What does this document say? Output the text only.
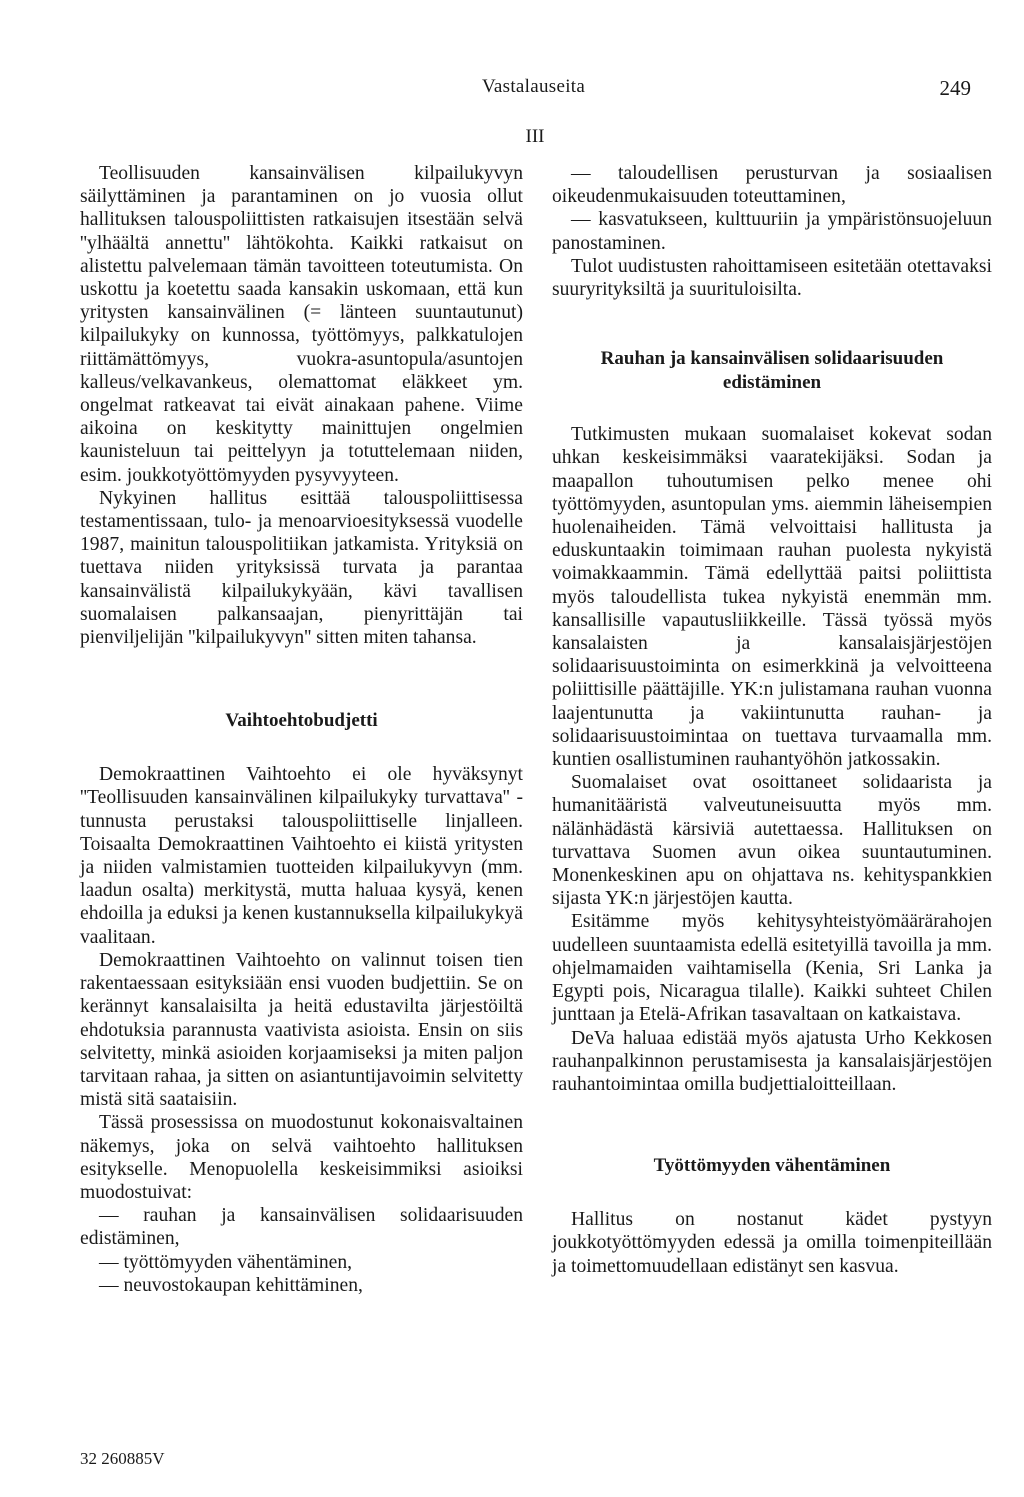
Vastalauseita	249
III

Teollisuuden kansainvälisen kilpailukyvyn säilyttäminen ja parantaminen on jo vuosia ollut hallituksen talouspoliittisten ratkaisujen itsestään selvä ''ylhäältä annettu'' lähtökohta. Kaikki ratkaisut on alistettu palvelemaan tämän tavoitteen toteutumista. On uskottu ja koetettu saada kansakin uskomaan, että kun yritysten kansainvälinen (= länteen suuntautunut) kilpailukyky on kunnossa, työttömyys, palkkatulojen riittämättömyys, vuokra-asuntopula/asuntojen kalleus/velkavankeus, olemattomat eläkkeet ym. ongelmat ratkeavat tai eivät ainakaan pahene. Viime aikoina on keskitytty mainittujen ongelmien kaunisteluun tai peittelyyn ja totuttelemaan niiden, esim. joukkotyöttömyyden pysyvyyteen.

Nykyinen hallitus esittää talouspoliittisessa testamentissaan, tulo- ja menoarvioesityksessä vuodelle 1987, mainitun talouspolitiikan jatkamista. Yrityksiä on tuettava niiden yrityksissä turvata ja parantaa kansainvälistä kilpailukykyään, kävi tavallisen suomalaisen palkansaajan, pienyrittäjän tai pienviljelijän ''kilpailukyvyn'' sitten miten tahansa.

Vaihtoehtobudjetti

Demokraattinen Vaihtoehto ei ole hyväksynyt ''Teollisuuden kansainvälinen kilpailukyky turvattava'' -tunnusta perustaksi talouspoliittiselle linjalleen. Toisaalta Demokraattinen Vaihtoehto ei kiistä yritysten ja niiden valmistamien tuotteiden kilpailukyvyn (mm. laadun osalta) merkitystä, mutta haluaa kysyä, kenen ehdoilla ja eduksi ja kenen kustannuksella kilpailukykyä vaalitaan.

Demokraattinen Vaihtoehto on valinnut toisen tien rakentaessaan esityksiään ensi vuoden budjettiin. Se on kerännyt kansalaisilta ja heitä edustavilta järjestöiltä ehdotuksia parannusta vaativista asioista. Ensin on siis selvitetty, minkä asioiden korjaamiseksi ja miten paljon tarvitaan rahaa, ja sitten on asiantuntijavoimin selvitetty mistä sitä saataisiin.

Tässä prosessissa on muodostunut kokonaisvaltainen näkemys, joka on selvä vaihtoehto hallituksen esitykselle. Menopuolella keskeisimmiksi asioiksi muodostuivat:

— rauhan ja kansainvälisen solidaarisuuden edistäminen,

— työttömyyden vähentäminen,

— neuvostokaupan kehittäminen,

— taloudellisen perusturvan ja sosiaalisen oikeudenmukaisuuden toteuttaminen,

— kasvatukseen, kulttuuriin ja ympäristönsuojeluun panostaminen.

Tulot uudistusten rahoittamiseen esitetään otettavaksi suuryrityksiltä ja suurituloisilta.

Rauhan ja kansainvälisen solidaarisuuden edistäminen

Tutkimusten mukaan suomalaiset kokevat sodan uhkan keskeisimmäksi vaaratekijäksi. Sodan ja maapallon tuhoutumisen pelko menee ohi työttömyyden, asuntopulan yms. aiemmin läheisempien huolenaiheiden. Tämä velvoittaisi hallitusta ja eduskuntaakin toimimaan rauhan puolesta nykyistä voimakkaammin. Tämä edellyttää paitsi poliittista myös taloudellista tukea nykyistä enemmän mm. kansallisille vapautusliikkeille. Tässä työssä myös kansalaisten ja kansalaisjärjestöjen solidaarisuustoiminta on esimerkkinä ja velvoitteena poliittisille päättäjille. YK:n julistamana rauhan vuonna laajentunutta ja vakiintunutta rauhan- ja solidaarisuustoimintaa on tuettava turvaamalla mm. kuntien osallistuminen rauhantyöhön jatkossakin.

Suomalaiset ovat osoittaneet solidaarista ja humanitääristä valveutuneisuutta myös mm. nälänhädästä kärsiviä autettaessa. Hallituksen on turvattava Suomen avun oikea suuntautuminen. Monenkeskinen apu on ohjattava ns. kehityspankkien sijasta YK:n järjestöjen kautta.

Esitämme myös kehitysyhteistyömäärärahojen uudelleen suuntaamista edellä esitetyillä tavoilla ja mm. ohjelmamaiden vaihtamisella (Kenia, Sri Lanka ja Egypti pois, Nicaragua tilalle). Kaikki suhteet Chilen junttaan ja Etelä-Afrikan tasavaltaan on katkaistava.

DeVa haluaa edistää myös ajatusta Urho Kekkosen rauhanpalkinnon perustamisesta ja kansalaisjärjestöjen rauhantoimintaa omilla budjettialoitteillaan.

Työttömyyden vähentäminen

Hallitus on nostanut kädet pystyyn joukkotyöttömyyden edessä ja omilla toimenpiteillään ja toimettomuudellaan edistänyt sen kasvua.

32 260885V
